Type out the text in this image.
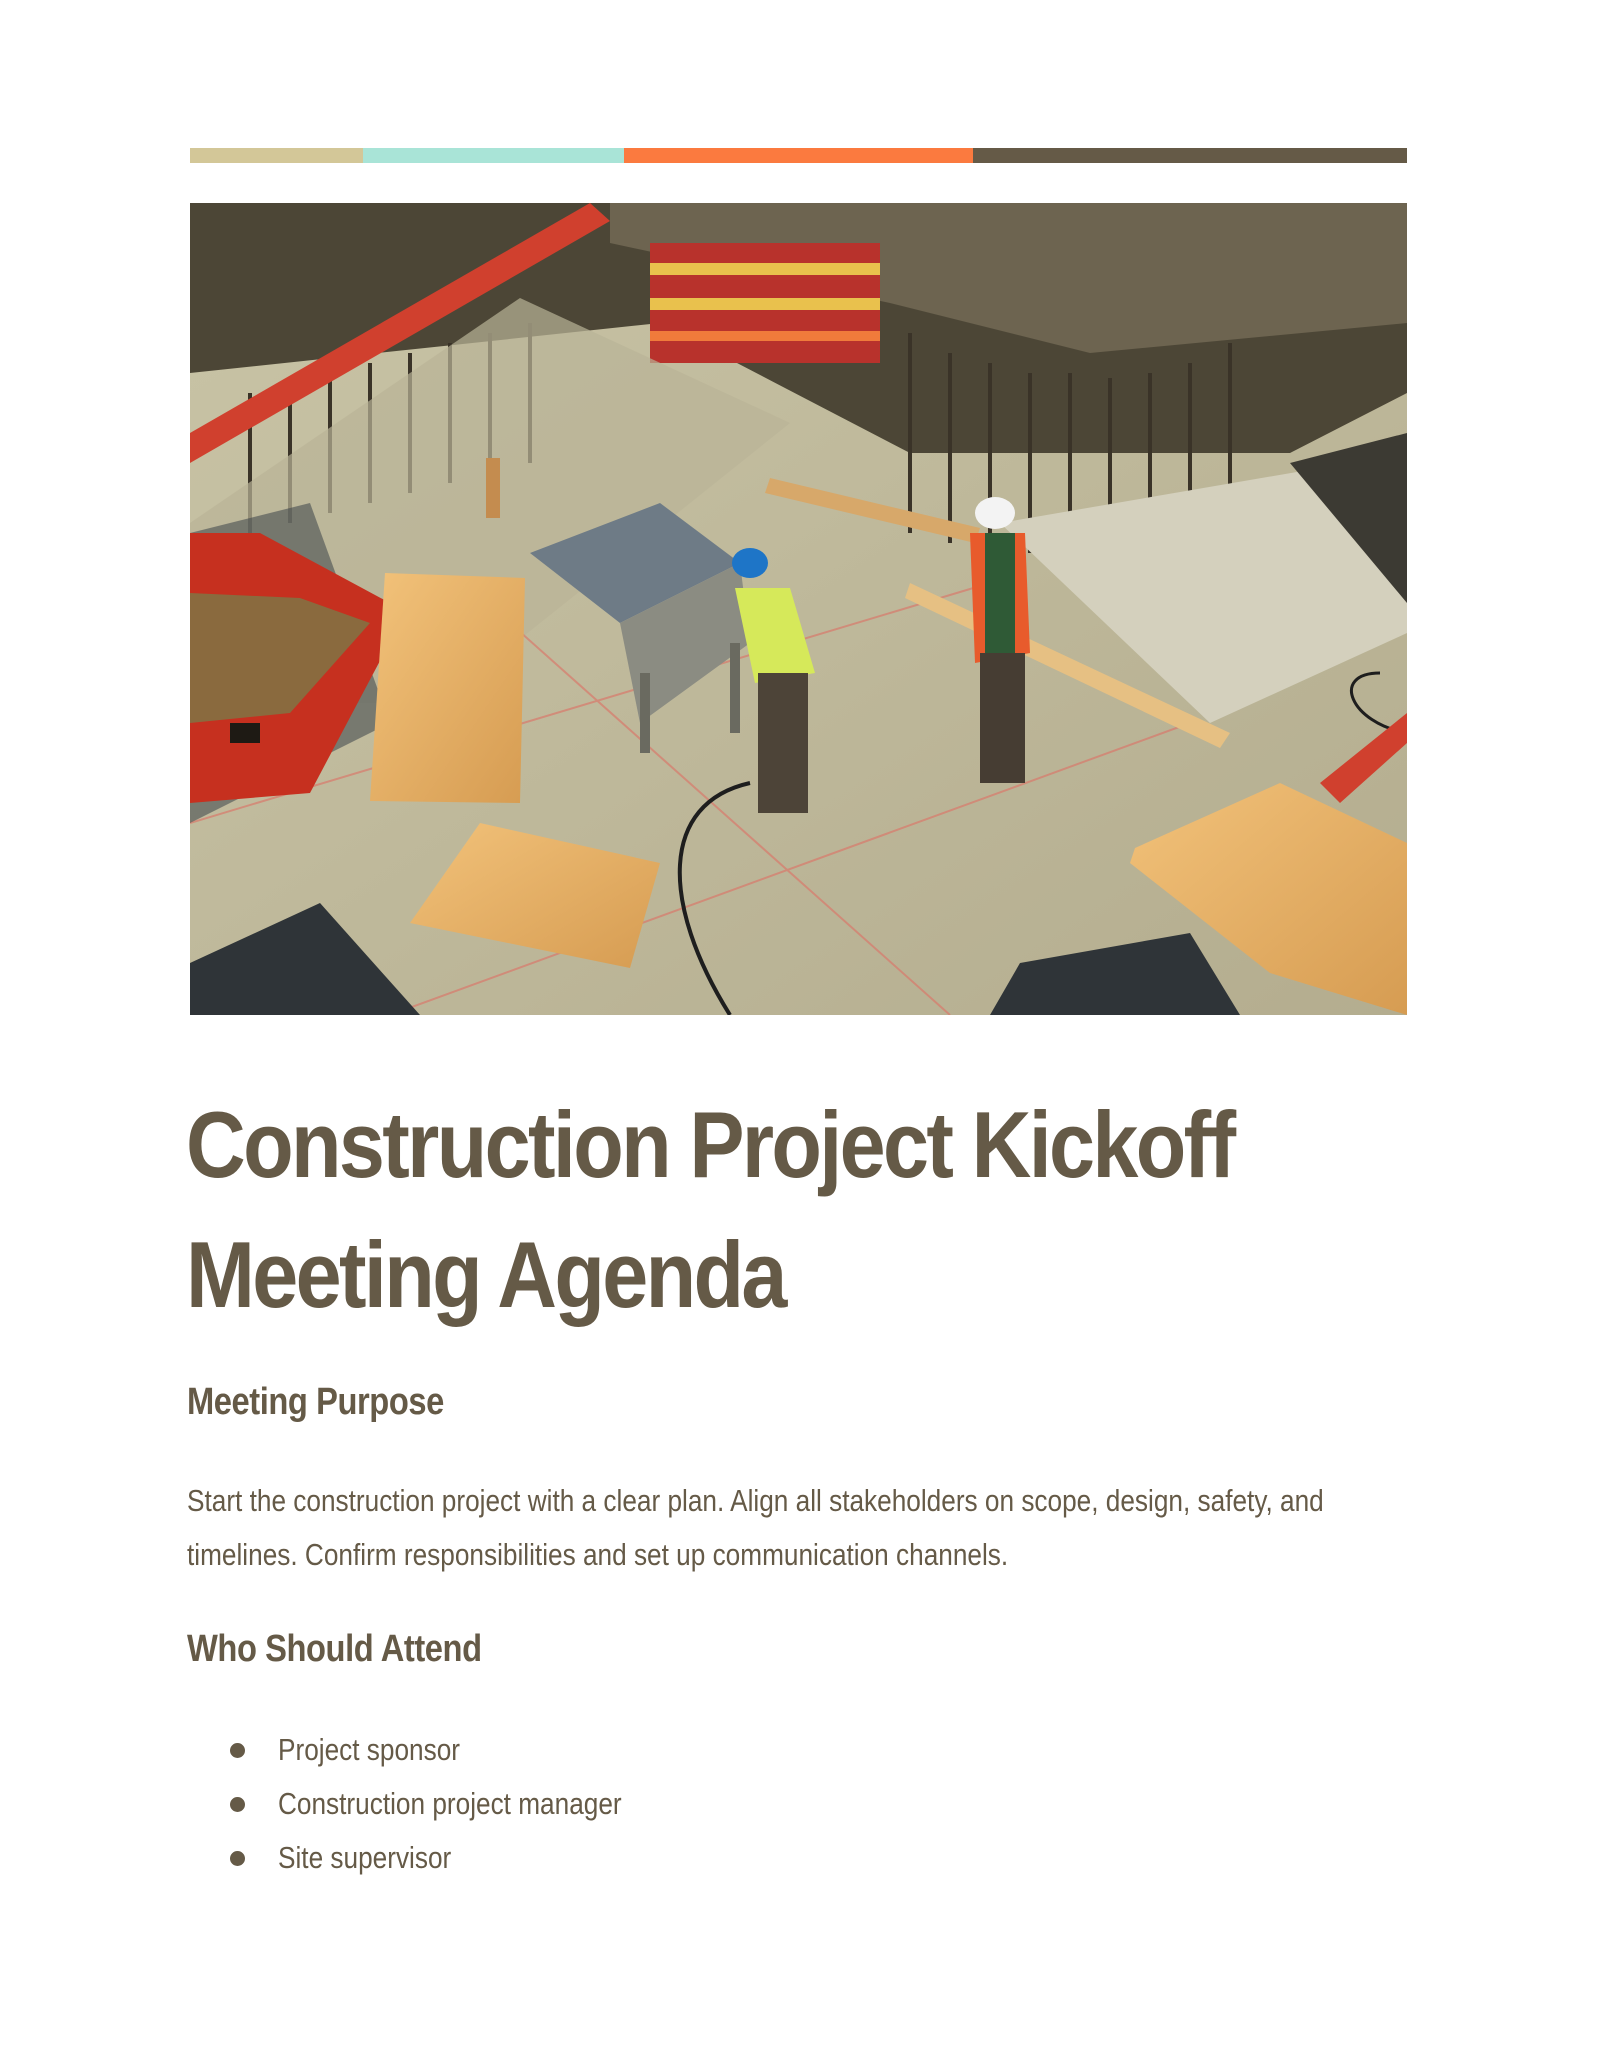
Construction Project Kickoff Meeting Agenda
Meeting Purpose

Start the construction project with a clear plan. Align all stakeholders on scope, design, safety, and timelines. Confirm responsibilities and set up communication channels.

Who Should Attend
Project sponsor
Construction project manager
Site supervisor
